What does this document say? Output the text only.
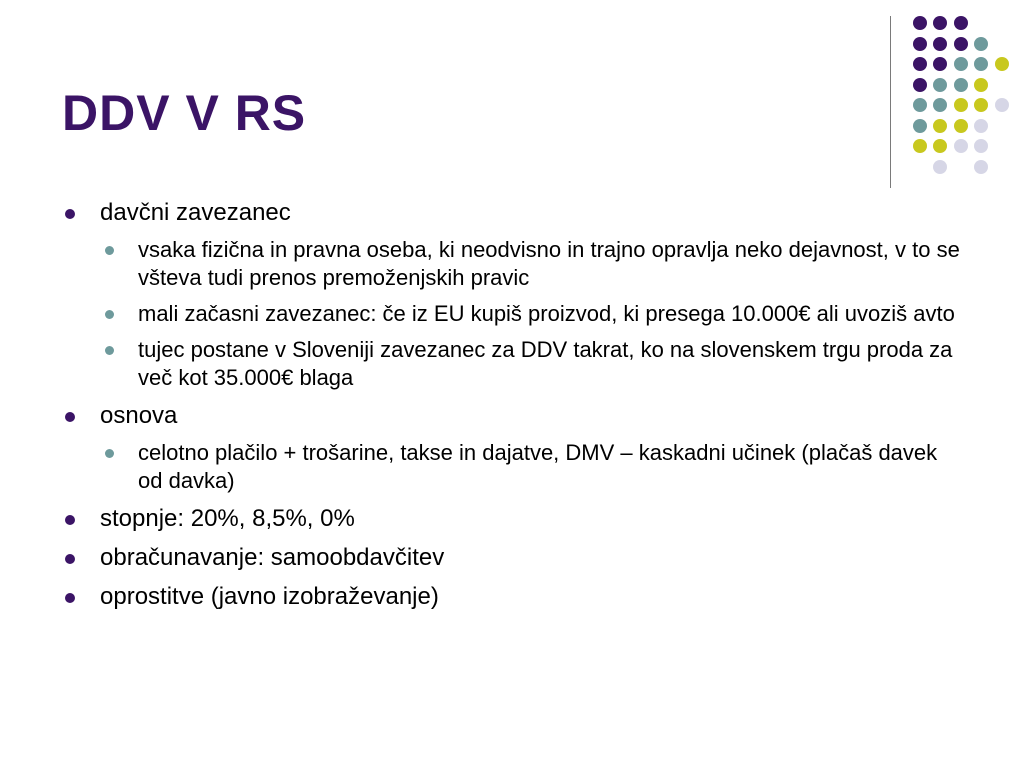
DDV V RS
davčni zavezanec
vsaka fizična in pravna oseba, ki neodvisno in trajno opravlja neko dejavnost, v to se všteva tudi prenos premoženjskih pravic
mali začasni zavezanec: če iz EU kupiš proizvod, ki presega 10.000€ ali uvoziš avto
tujec postane v Sloveniji zavezanec za DDV takrat, ko na slovenskem trgu proda za več kot 35.000€ blaga
osnova
celotno plačilo + trošarine, takse in dajatve, DMV – kaskadni učinek (plačaš davek od davka)
stopnje: 20%, 8,5%, 0%
obračunavanje: samoobdavčitev
oprostitve (javno izobraževanje)
